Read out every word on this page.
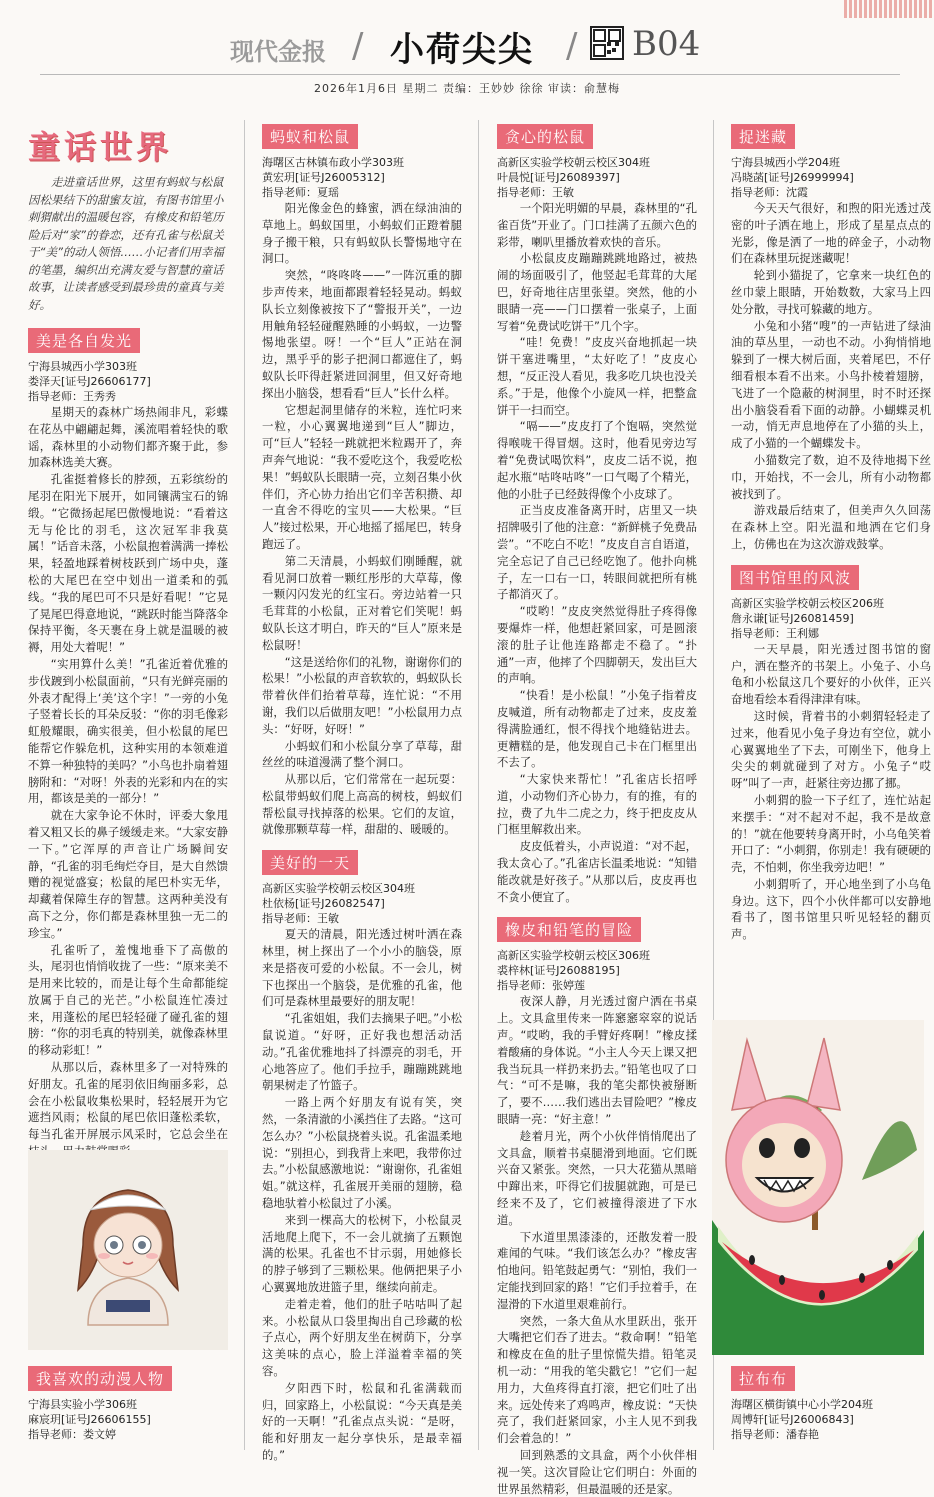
现代金报 / 小荷尖尖 / B04
2026年1月6日 星期二 责编：王妙妙 徐徐 审读：俞慧梅
童话世界

走进童话世界，这里有蚂蚁与松鼠因松果结下的甜蜜友谊，有图书馆里小刺猬献出的温暖包容，有橡皮和铅笔历险后对“家”的眷恋，还有孔雀与松鼠关于“美”的动人领悟……小记者们用幸福的笔墨，编织出充满友爱与智慧的童话故事，让读者感受到最珍贵的童真与美好。

美是各自发光
宁海县城西小学303班
娄泽天[证号J26606177]
指导老师：王秀秀

星期天的森林广场热闹非凡，彩蝶在花丛中翩翩起舞，溪流唱着轻快的歌谣，森林里的小动物们都齐聚于此，参加森林选美大赛。

孔雀挺着修长的脖颈，五彩缤纷的尾羽在阳光下展开，如同镶满宝石的锦缎。“它微扬起尾巴傲慢地说：“看着这无与伦比的羽毛，这次冠军非我莫属！”话音未落，小松鼠抱着满满一捧松果，轻盈地踩着树枝跃到广场中央，蓬松的大尾巴在空中划出一道柔和的弧线。“我的尾巴可不只是好看呢！”它晃了晃尾巴得意地说，“跳跃时能当降落伞保持平衡，冬天裹在身上就是温暖的被褥，用处大着呢！”

“实用算什么美！”孔雀近着优雅的步伐踱到小松鼠面前，“只有光鲜亮丽的外表才配得上‘美’这个字！”一旁的小兔子竖着长长的耳朵反驳：“你的羽毛像彩虹般耀眼，确实很美，但小松鼠的尾巴能帮它作躲危机，这种实用的本领难道不算一种独特的美吗？”小鸟也扑扇着翅膀附和：“对呀！外表的光彩和内在的实用，都该是美的一部分！”

就在大家争论不休时，评委大象甩着又粗又长的鼻子缓缓走来。“大家安静一下。”它浑厚的声音让广场瞬间安静，“孔雀的羽毛绚烂夺目，是大自然馈赠的视觉盛宴；松鼠的尾巴朴实无华，却藏着保障生存的智慧。这两种美没有高下之分，你们都是森林里独一无二的珍宝。”

孔雀听了，羞愧地垂下了高傲的头，尾羽也悄悄收拢了一些：“原来美不是用来比较的，而是让每个生命都能绽放属于自己的光芒。”小松鼠连忙凑过来，用蓬松的尾巴轻轻碰了碰孔雀的翅膀：“你的羽毛真的特别美，就像森林里的移动彩虹！”

从那以后，森林里多了一对特殊的好朋友。孔雀的尾羽依旧绚丽多彩，总会在小松鼠收集松果时，轻轻展开为它遮挡风雨；松鼠的尾巴依旧蓬松柔软，每当孔雀开屏展示风采时，它总会坐在

我喜欢的动漫人物
宁海县实验小学306班
麻宸玥[证号J26606155]
指导老师：娄文婷
蚂蚁和松鼠
海曙区古林镇布政小学303班
黄宏玥[证号J26005312]
指导老师：夏瑶

阳光像金色的蜂蜜，洒在绿油油的草地上。蚂蚁国里，小蚂蚁们正蹬着腿身子搬干粮，只有蚂蚁队长警惕地守在洞口。

突然，“咚咚咚——”一阵沉重的脚步声传来，地面都跟着轻轻晃动。蚂蚁队长立刻像被按下了“警报开关”，一边用触角轻轻碰醒熟睡的小蚂蚁，一边警惕地张望。呀！一个“巨人”正站在洞边，黑乎乎的影子把洞口都遮住了，蚂蚁队长吓得赶紧进回洞里，但又好奇地探出小脑袋，想看看“巨人”长什么样。

它想起洞里储存的米粒，连忙叼来一粒，小心翼翼地递到“巨人”脚边，可“巨人”轻轻一跳就把米粒踢开了，奔声奔气地说：“我不爱吃这个，我爱吃松果！”蚂蚁队长眼睛一亮，立刻召集小伙伴们，齐心协力抬出它们辛苦积攒、却一直舍不得吃的宝贝——大松果。“巨人”接过松果，开心地摇了摇尾巴，转身跑远了。

第二天清晨，小蚂蚁们刚睡醒，就看见洞口放着一颗红彤彤的大草莓，像一颗闪闪发光的红宝石。旁边站着一只毛茸茸的小松鼠，正对着它们笑呢！蚂蚁队长这才明白，昨天的“巨人”原来是松鼠呀！

“这是送给你们的礼物，谢谢你们的松果！”小松鼠的声音软软的，蚂蚁队长带着伙伴们抬着草莓，连忙说：“不用谢，我们以后做朋友吧！”小松鼠用力点头：“好呀，好呀！”

小蚂蚁们和小松鼠分享了草莓，甜丝丝的味道漫满了整个洞口。

从那以后，它们常常在一起玩耍：松鼠带蚂蚁们爬上高高的树枝，蚂蚁们帮松鼠寻找掉落的松果。它们的友谊，就像那颗草莓一样，甜甜的、暖暖的。

美好的一天
高新区实验学校朝云校区304班
杜依杨[证号J26082547]
指导老师：王敏

夏天的清晨，阳光透过树叶洒在森林里，树上探出了一个小小的脑袋，原来是搭夜可爱的小松鼠。不一会儿，树下也探出一个脑袋，是优雅的孔雀，他们可是森林里最要好的朋友呢！

“孔雀姐姐，我们去摘果子吧。”小松鼠说道。“好呀，正好我也想活动活动。”孔雀优雅地抖了抖漂亮的羽毛，开心地答应了。他们手拉手，蹦蹦跳跳地朝果树走了竹篮子。

一路上两个好朋友有说有笑，突然，一条清澈的小溪挡住了去路。“这可怎么办？”小松鼠挠着头说。孔雀温柔地说：“别担心，到我背上来吧，我带你过去。”小松鼠感激地说：“谢谢你，孔雀姐姐。”就这样，孔雀展开美丽的翅膀，稳稳地驮着小松鼠过了小溪。

来到一棵高大的松树下，小松鼠灵活地爬上爬下，不一会儿就摘了五颗饱满的松果。孔雀也不甘示弱，用她修长的脖子够到了三颗松果。他俩把果子小心翼翼地放进篮子里，继续向前走。

走着走着，他们的肚子咕咕叫了起来。小松鼠从口袋里掏出自己珍藏的松子点心，两个好朋友坐在树荫下，分享这美味的点心，脸上洋溢着幸福的笑容。

夕阳西下时，松鼠和孔雀满载而归，回家路上，小松鼠说：“今天真是美好的一天啊！”孔雀点点头说：“是呀，能和好朋友一起分享快乐，是最幸福的。”

贪心的松鼠
高新区实验学校朝云校区304班
叶晨悦[证号J26089397]
指导老师：王敏

一个阳光明媚的早晨，森林里的“孔雀百货”开业了。门口挂满了五颜六色的彩带，喇叭里播放着欢快的音乐。

小松鼠皮皮蹦蹦跳跳地路过，被热闹的场面吸引了，他竖起毛茸茸的大尾巴，好奇地往店里张望。突然，他的小眼睛一亮——门口摆着一张桌子，上面写着“免费试吃饼干”几个字。

“哇！免费！”皮皮兴奋地抓起一块饼干塞进嘴里，“太好吃了！”皮皮心想，“反正没人看见，我多吃几块也没关系。”于是，他像个小旋风一样，把整盒饼干一扫而空。

“嗝——”皮皮打了个饱嗝，突然觉得喉咙干得冒烟。这时，他看见旁边写着“免费试喝饮料”，皮皮二话不说，抱起水瓶“咕咚咕咚”一口气喝了个精光，他的小肚子已经鼓得像个小皮球了。

正当皮皮准备离开时，店里又一块招牌吸引了他的注意：“新鲜桃子免费品尝”。“不吃白不吃！”皮皮自言自语道，完全忘记了自己已经吃饱了。他扑向桃子，左一口右一口，转眼间就把所有桃子都消灭了。

“哎哟！”皮皮突然觉得肚子疼得像要爆炸一样，他想赶紧回家，可是圆滚滚的肚子让他连路都走不稳了。“扑通”一声，他摔了个四脚朝天，发出巨大的声响。

“快看！是小松鼠！”小兔子指着皮皮喊道，所有动物都走了过来，皮皮羞得满脸通红，恨不得找个地缝钻进去。更糟糕的是，他发现自己卡在门框里出不去了。

“大家快来帮忙！”孔雀店长招呼道，小动物们齐心协力，有的推，有的拉，费了九牛二虎之力，终于把皮皮从门框里解救出来。

皮皮低着头，小声说道：“对不起，我太贪心了。”孔雀店长温柔地说：“知错能改就是好孩子。”从那以后，皮皮再也不贪小便宜了。

橡皮和铅笔的冒险
高新区实验学校朝云校区306班
裘梓林[证号J26088195]
指导老师：张婷莲

夜深人静，月光透过窗户洒在书桌上。文具盒里传来一阵窸窸窣窣的说话声。“哎哟，我的手臂好疼啊！”橡皮揉着酸痛的身体说。“小主人今天上课又把我当玩具一样扔来扔去。”铅笔也叹了口气：“可不是嘛，我的笔尖都快被掰断了，要不……我们逃出去冒险吧？”橡皮眼睛一亮：“好主意！”

趁着月光，两个小伙伴悄悄爬出了文具盒，顺着书桌腿滑到地面。它们既兴奋又紧张。突然，一只大花猫从黑暗中蹿出来，吓得它们拔腿就跑，可是已经来不及了，它们被撞得滚进了下水道。

下水道里黑漆漆的，还散发着一股难闻的气味。“我们该怎么办？”橡皮害怕地问。铅笔鼓起勇气：“别怕，我们一定能找到回家的路！”它们手拉着手，在湿滑的下水道里艰难前行。

突然，一条大鱼从水里跃出，张开大嘴把它们吞了进去。“救命啊！”铅笔和橡皮在鱼的肚子里惊慌失措。铅笔灵机一动：“用我的笔尖戳它！”它们一起用力，大鱼疼得直打滚，把它们吐了出来。远处传来了鸡鸣声，橡皮说：“天快亮了，我们赶紧回家，小主人见不到我们会着急的！”

回到熟悉的文具盒，两个小伙伴相视一笑。这次冒险让它们明白：外面的世界虽然精彩，但最温暖的还是家。

捉迷藏
宁海县城西小学204班
冯晓菡[证号J26999994]
指导老师：沈霞

今天天气很好，和煦的阳光透过茂密的叶子洒在地上，形成了星星点点的光影，像是洒了一地的碎金子，小动物们在森林里玩捉迷藏呢！

轮到小猫捉了，它拿来一块红色的丝巾蒙上眼睛，开始数数，大家马上四处分散，寻找可躲藏的地方。

小兔和小猪“嗖”的一声钻进了绿油油的草丛里，一动也不动。小狗悄悄地躲到了一棵大树后面，夹着尾巴，不仔细看根本看不出来。小鸟扑棱着翅膀，飞进了一个隐蔽的树洞里，时不时还探出小脑袋看看下面的动静。小蝴蝶灵机一动，悄无声息地停在了小猫的头上，成了小猫的一个蝴蝶发卡。

小猫数完了数，迫不及待地揭下丝巾，开始找，不一会儿，所有小动物都被找到了。

游戏最后结束了，但美声久久回荡在森林上空。阳光温和地洒在它们身上，仿佛也在为这次游戏鼓掌。

图书馆里的风波
高新区实验学校朝云校区206班
詹永谦[证号J26081459]
指导老师：王利娜

一天早晨，阳光透过图书馆的窗户，洒在整齐的书架上。小兔子、小乌龟和小松鼠这几个要好的小伙伴，正兴奋地看绘本看得津津有味。

这时候，背着书的小刺猬轻轻走了过来，他看见小兔子身边有空位，就小心翼翼地坐了下去，可刚坐下，他身上尖尖的刺就碰到了对方。小兔子“哎呀”叫了一声，赶紧往旁边挪了挪。

小刺猬的脸一下子红了，连忙站起来摆手：“对不起对不起，我不是故意的！”就在他要转身离开时，小乌龟笑着开口了：“小刺猬，你别走！我有硬硬的壳，不怕刺，你坐我旁边吧！”

小刺猬听了，开心地坐到了小乌龟身边。这下，四个小伙伴都可以安静地看书了，图书馆里只听见轻轻的翻页声。

拉布布
海曙区横街镇中心小学204班
周博轩[证号J26006843]
指导老师：潘春艳
